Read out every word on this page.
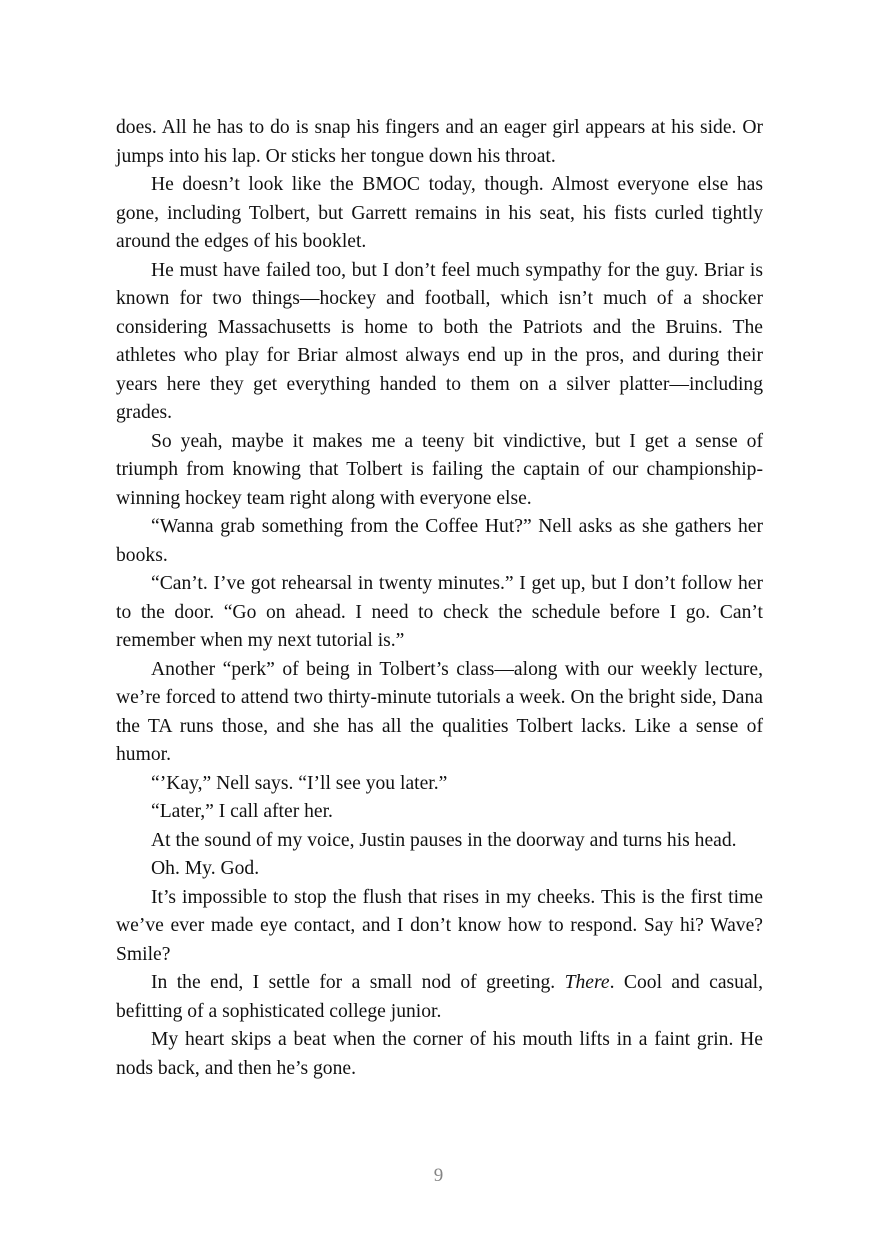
does. All he has to do is snap his fingers and an eager girl appears at his side. Or jumps into his lap. Or sticks her tongue down his throat.

He doesn’t look like the BMOC today, though. Almost everyone else has gone, including Tolbert, but Garrett remains in his seat, his fists curled tightly around the edges of his booklet.

He must have failed too, but I don’t feel much sympathy for the guy. Briar is known for two things—hockey and football, which isn’t much of a shocker considering Massachusetts is home to both the Patriots and the Bruins. The athletes who play for Briar almost always end up in the pros, and during their years here they get everything handed to them on a silver platter—including grades.

So yeah, maybe it makes me a teeny bit vindictive, but I get a sense of triumph from knowing that Tolbert is failing the captain of our championship-winning hockey team right along with everyone else.

“Wanna grab something from the Coffee Hut?” Nell asks as she gathers her books.

“Can’t. I’ve got rehearsal in twenty minutes.” I get up, but I don’t follow her to the door. “Go on ahead. I need to check the schedule before I go. Can’t remember when my next tutorial is.”

Another “perk” of being in Tolbert’s class—along with our weekly lecture, we’re forced to attend two thirty-minute tutorials a week. On the bright side, Dana the TA runs those, and she has all the qualities Tolbert lacks. Like a sense of humor.

“’Kay,” Nell says. “I’ll see you later.”

“Later,” I call after her.

At the sound of my voice, Justin pauses in the doorway and turns his head.

Oh. My. God.

It’s impossible to stop the flush that rises in my cheeks. This is the first time we’ve ever made eye contact, and I don’t know how to respond. Say hi? Wave? Smile?

In the end, I settle for a small nod of greeting. There. Cool and casual, befitting of a sophisticated college junior.

My heart skips a beat when the corner of his mouth lifts in a faint grin. He nods back, and then he’s gone.

9
